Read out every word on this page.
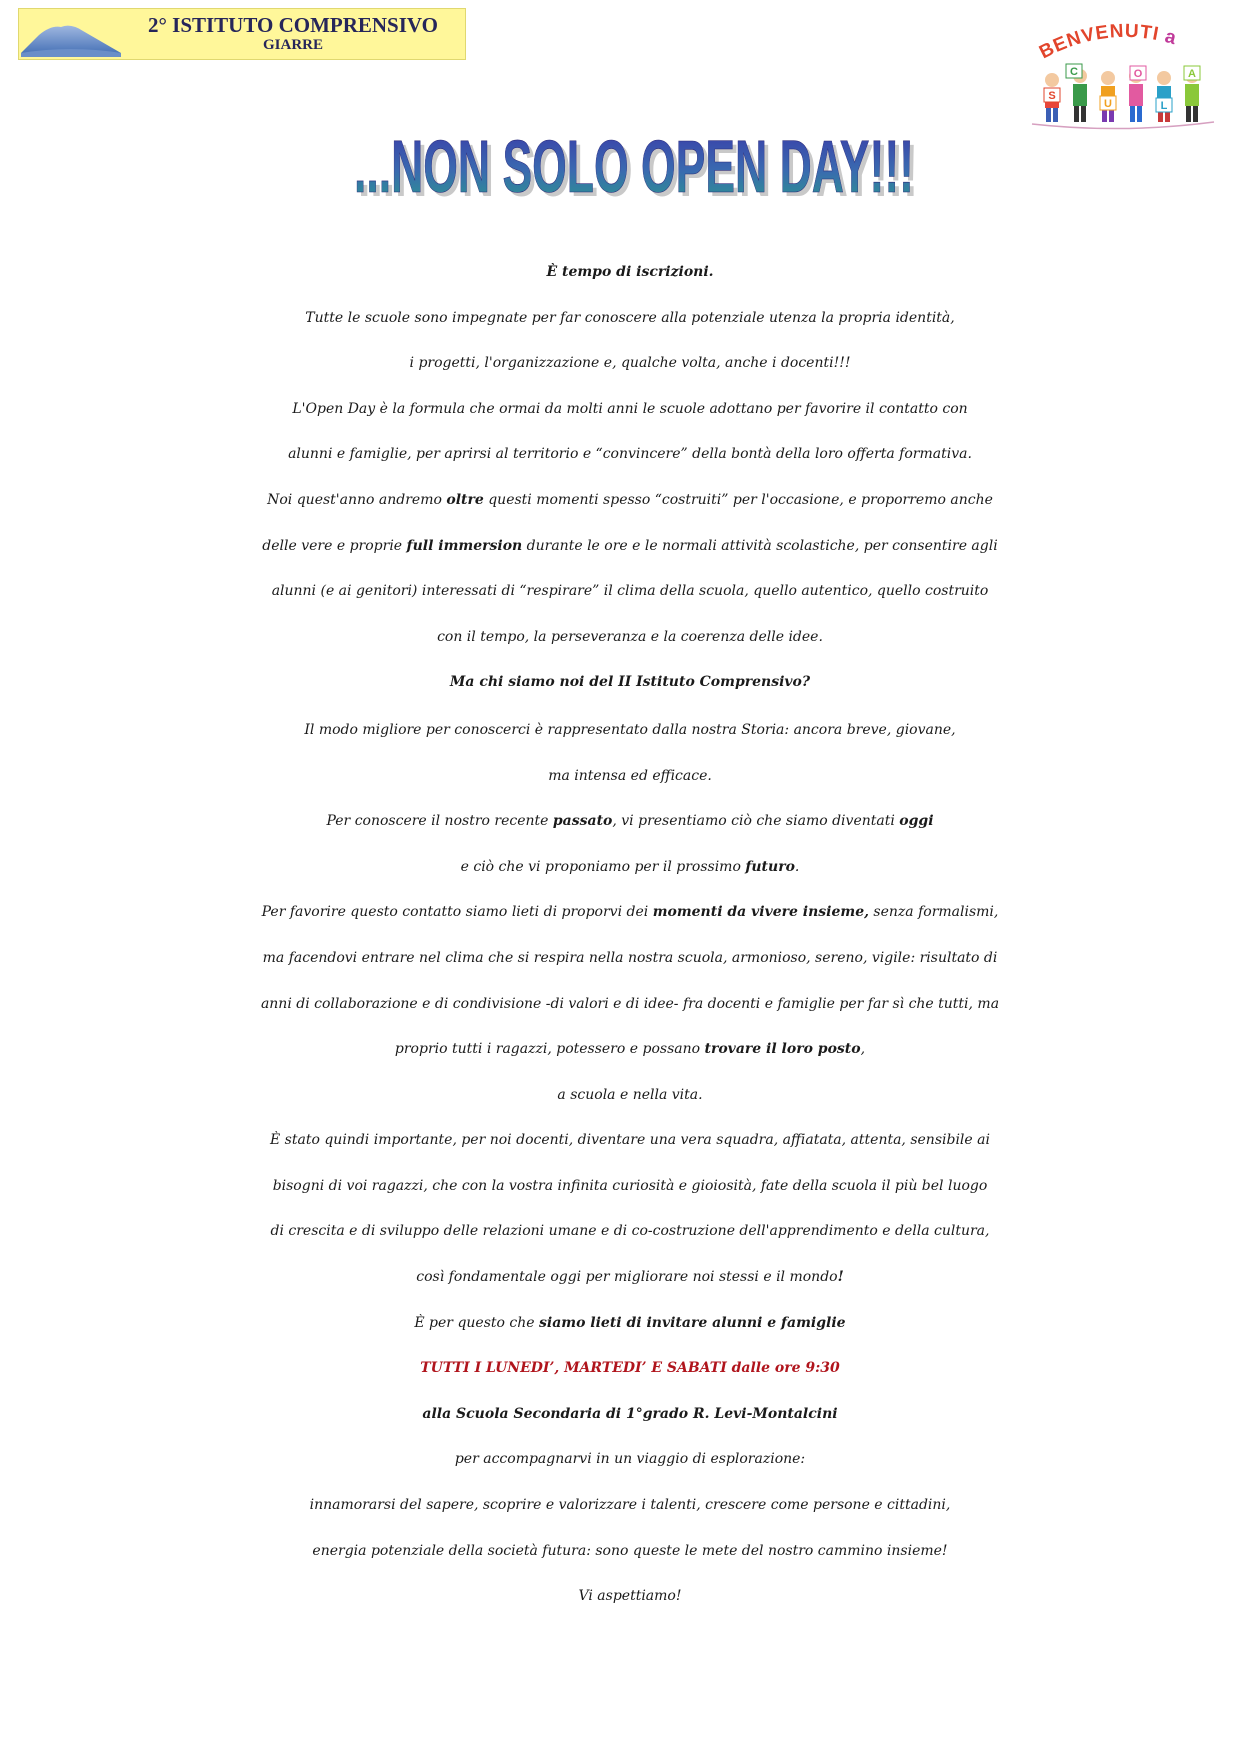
2° ISTITUTO COMPRENSIVO
GIARRE	BENVENUTIa
S
C
U
O
L
A
...NON SOLO OPEN DAY!!!
...NON SOLO OPEN DAY!!!
È tempo di iscrizioni.
Tutte le scuole sono impegnate per far conoscere alla potenziale utenza la propria identità,
i progetti, l'organizzazione e, qualche volta, anche i docenti!!!
L'Open Day è la formula che ormai da molti anni le scuole adottano per favorire il contatto con
alunni e famiglie, per aprirsi al territorio e “convincere” della bontà della loro offerta formativa.
Noi quest'anno andremo oltre questi momenti spesso “costruiti” per l'occasione, e proporremo anche
delle vere e proprie full immersion durante le ore e le normali attività scolastiche, per consentire agli
alunni (e ai genitori) interessati di “respirare” il clima della scuola, quello autentico, quello costruito
con il tempo, la perseveranza e la coerenza delle idee.
Ma chi siamo noi del II Istituto Comprensivo?
Il modo migliore per conoscerci è rappresentato dalla nostra Storia: ancora breve, giovane,
ma intensa ed efficace.
Per conoscere il nostro recente passato, vi presentiamo ciò che siamo diventati oggi
e ciò che vi proponiamo per il prossimo futuro.
Per favorire questo contatto siamo lieti di proporvi dei momenti da vivere insieme, senza formalismi,
ma facendovi entrare nel clima che si respira nella nostra scuola, armonioso, sereno, vigile: risultato di
anni di collaborazione e di condivisione -di valori e di idee- fra docenti e famiglie per far sì che tutti, ma
proprio tutti i ragazzi, potessero e possano trovare il loro posto,
a scuola e nella vita.
È stato quindi importante, per noi docenti, diventare una vera squadra, affiatata, attenta, sensibile ai
bisogni di voi ragazzi, che con la vostra infinita curiosità e gioiosità, fate della scuola il più bel luogo
di crescita e di sviluppo delle relazioni umane e di co-costruzione dell'apprendimento e della cultura,
così fondamentale oggi per migliorare noi stessi e il mondo!
È per questo che siamo lieti di invitare alunni e famiglie
TUTTI I LUNEDI’, MARTEDI’ E SABATI dalle ore 9:30
alla Scuola Secondaria di 1°grado R. Levi-Montalcini
per accompagnarvi in un viaggio di esplorazione:
innamorarsi del sapere, scoprire e valorizzare i talenti, crescere come persone e cittadini,
energia potenziale della società futura: sono queste le mete del nostro cammino insieme!
Vi aspettiamo!
